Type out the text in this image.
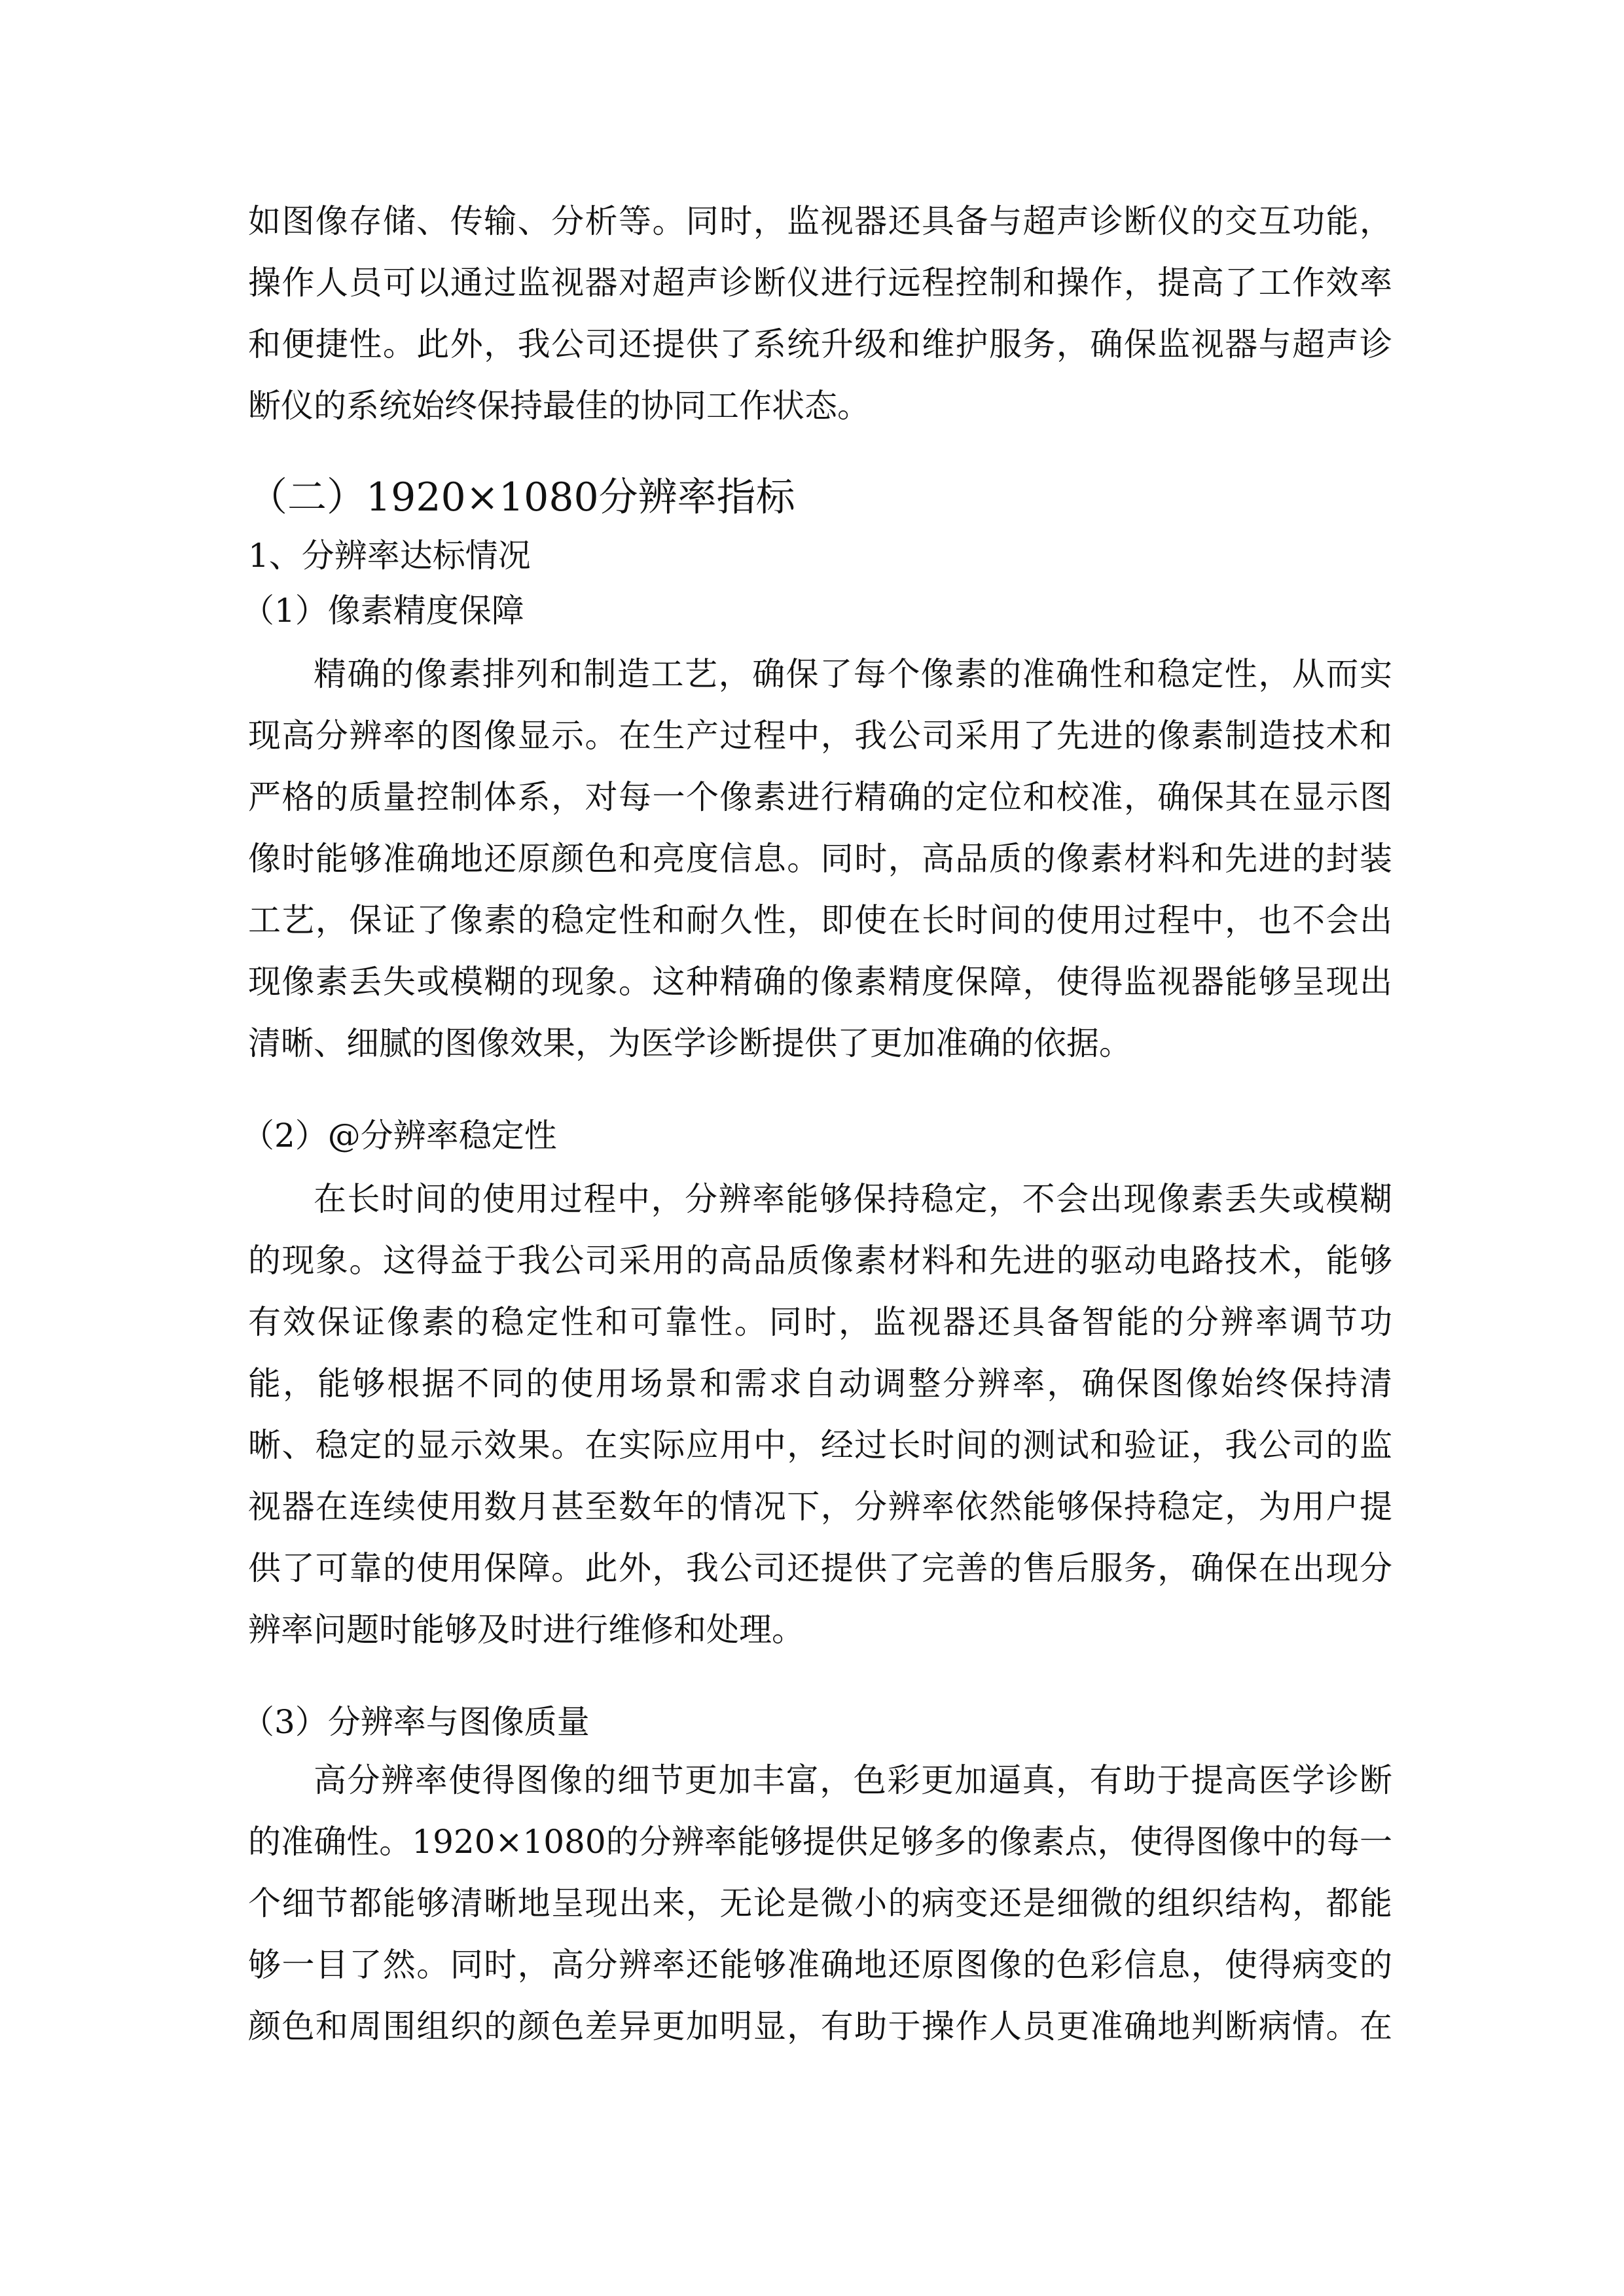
如图像存储、传输、分析等。同时，监视器还具备与超声诊断仪的交互功能，
操作人员可以通过监视器对超声诊断仪进行远程控制和操作，提高了工作效率
和便捷性。此外，我公司还提供了系统升级和维护服务，确保监视器与超声诊
断仪的系统始终保持最佳的协同工作状态。
（二）1920×1080分辨率指标
1、分辨率达标情况
（1）像素精度保障
精确的像素排列和制造工艺，确保了每个像素的准确性和稳定性，从而实
现高分辨率的图像显示。在生产过程中，我公司采用了先进的像素制造技术和
严格的质量控制体系，对每一个像素进行精确的定位和校准，确保其在显示图
像时能够准确地还原颜色和亮度信息。同时，高品质的像素材料和先进的封装
工艺，保证了像素的稳定性和耐久性，即使在长时间的使用过程中，也不会出
现像素丢失或模糊的现象。这种精确的像素精度保障，使得监视器能够呈现出
清晰、细腻的图像效果，为医学诊断提供了更加准确的依据。
（2）@分辨率稳定性
在长时间的使用过程中，分辨率能够保持稳定，不会出现像素丢失或模糊
的现象。这得益于我公司采用的高品质像素材料和先进的驱动电路技术，能够
有效保证像素的稳定性和可靠性。同时，监视器还具备智能的分辨率调节功
能，能够根据不同的使用场景和需求自动调整分辨率，确保图像始终保持清
晰、稳定的显示效果。在实际应用中，经过长时间的测试和验证，我公司的监
视器在连续使用数月甚至数年的情况下，分辨率依然能够保持稳定，为用户提
供了可靠的使用保障。此外，我公司还提供了完善的售后服务，确保在出现分
辨率问题时能够及时进行维修和处理。
（3）分辨率与图像质量
高分辨率使得图像的细节更加丰富，色彩更加逼真，有助于提高医学诊断
的准确性。1920×1080的分辨率能够提供足够多的像素点，使得图像中的每一
个细节都能够清晰地呈现出来，无论是微小的病变还是细微的组织结构，都能
够一目了然。同时，高分辨率还能够准确地还原图像的色彩信息，使得病变的
颜色和周围组织的颜色差异更加明显，有助于操作人员更准确地判断病情。在
